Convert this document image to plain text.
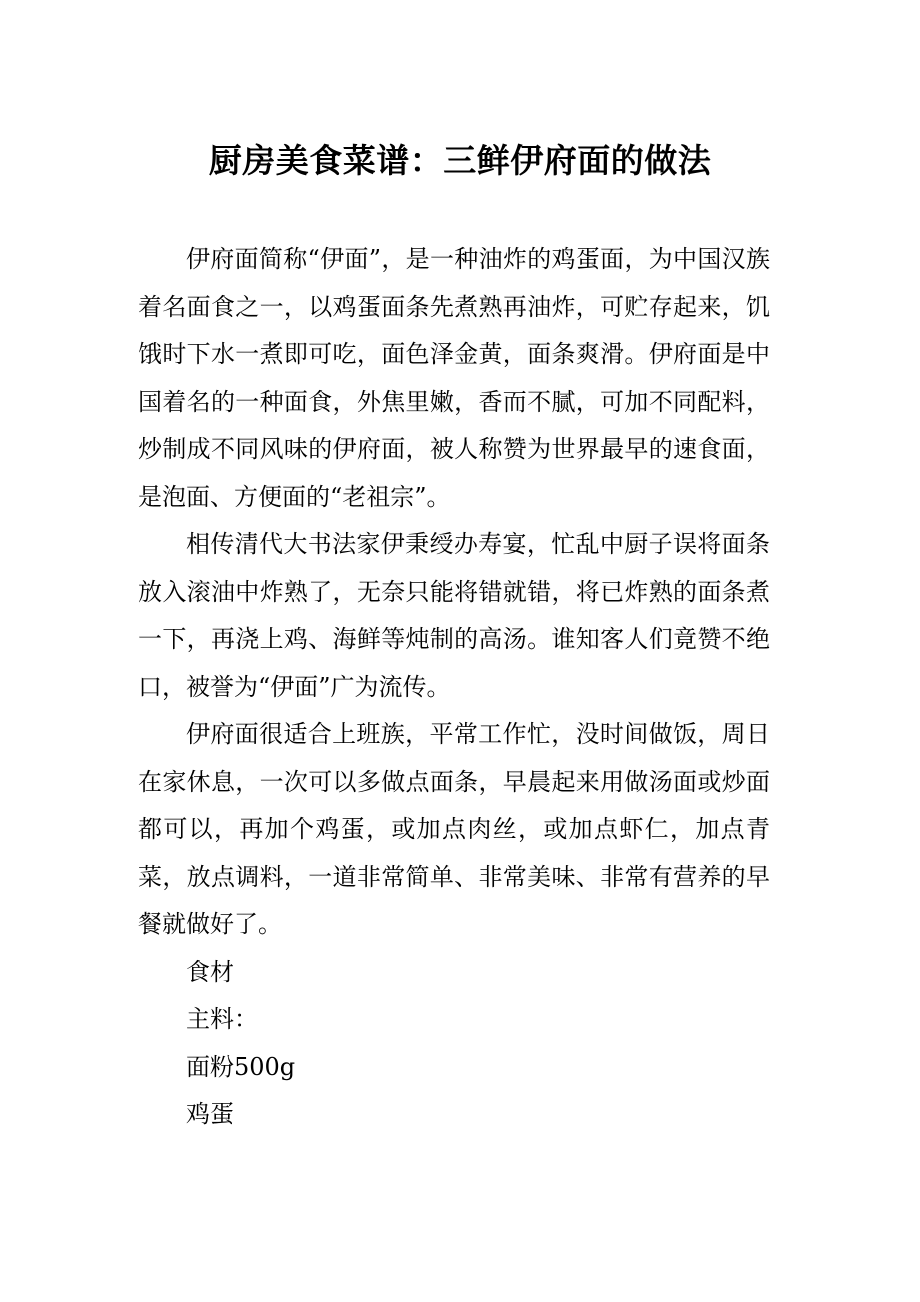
厨房美食菜谱：三鲜伊府面的做法

伊府面简称“伊面”，是一种油炸的鸡蛋面，为中国汉族着名面食之一，以鸡蛋面条先煮熟再油炸，可贮存起来，饥饿时下水一煮即可吃，面色泽金黄，面条爽滑。伊府面是中国着名的一种面食，外焦里嫩，香而不腻，可加不同配料，炒制成不同风味的伊府面，被人称赞为世界最早的速食面，是泡面、方便面的“老祖宗”。

相传清代大书法家伊秉绶办寿宴，忙乱中厨子误将面条放入滚油中炸熟了，无奈只能将错就错，将已炸熟的面条煮一下，再浇上鸡、海鲜等炖制的高汤。谁知客人们竟赞不绝口，被誉为“伊面”广为流传。

伊府面很适合上班族，平常工作忙，没时间做饭，周日在家休息，一次可以多做点面条，早晨起来用做汤面或炒面都可以，再加个鸡蛋，或加点肉丝，或加点虾仁，加点青菜，放点调料，一道非常简单、非常美味、非常有营养的早餐就做好了。

食材

主料：

面粉500g

鸡蛋
